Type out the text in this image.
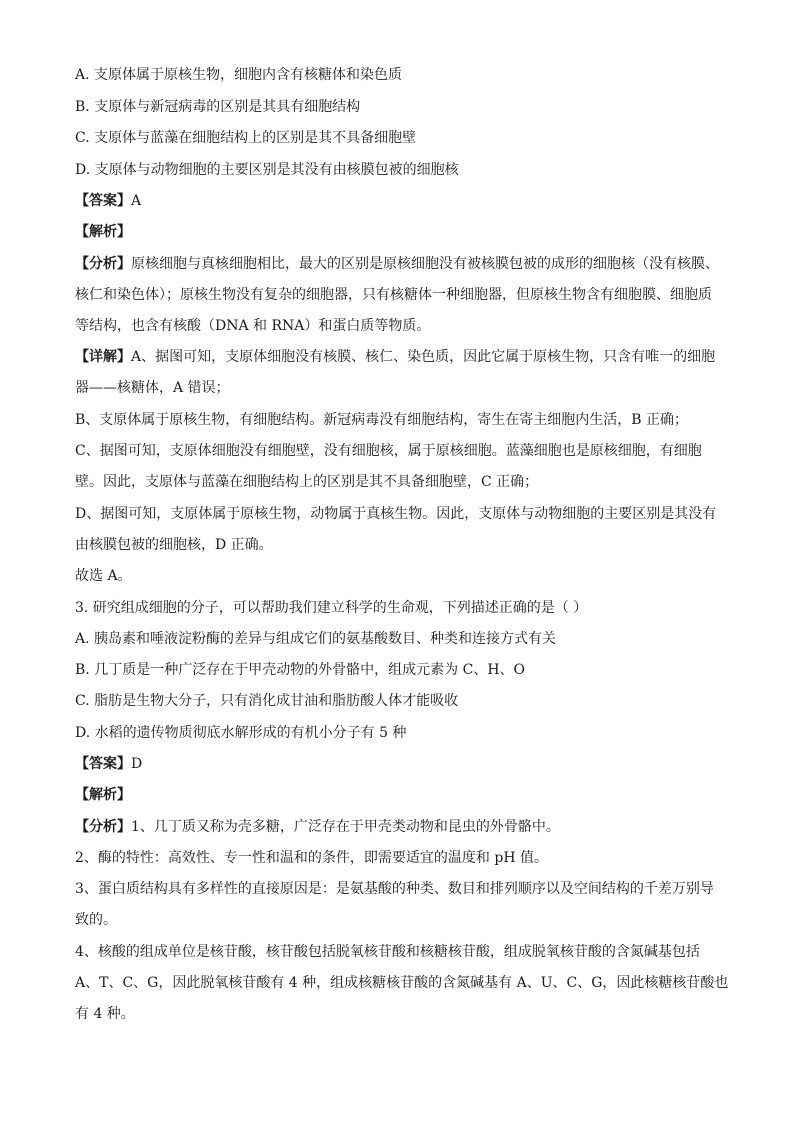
A. 支原体属于原核生物，细胞内含有核糖体和染色质
B. 支原体与新冠病毒的区别是其具有细胞结构
C. 支原体与蓝藻在细胞结构上的区别是其不具备细胞壁
D. 支原体与动物细胞的主要区别是其没有由核膜包被的细胞核
【答案】A
【解析】
【分析】原核细胞与真核细胞相比，最大的区别是原核细胞没有被核膜包被的成形的细胞核（没有核膜、
核仁和染色体）；原核生物没有复杂的细胞器，只有核糖体一种细胞器，但原核生物含有细胞膜、细胞质
等结构，也含有核酸（DNA 和 RNA）和蛋白质等物质。
【详解】A、据图可知，支原体细胞没有核膜、核仁、染色质，因此它属于原核生物，只含有唯一的细胞
器——核糖体，A 错误；
B、支原体属于原核生物，有细胞结构。新冠病毒没有细胞结构，寄生在寄主细胞内生活，B 正确；
C、据图可知，支原体细胞没有细胞壁，没有细胞核，属于原核细胞。蓝藻细胞也是原核细胞，有细胞
壁。因此，支原体与蓝藻在细胞结构上的区别是其不具备细胞壁，C 正确；
D、据图可知，支原体属于原核生物，动物属于真核生物。因此，支原体与动物细胞的主要区别是其没有
由核膜包被的细胞核，D 正确。
故选 A。
3. 研究组成细胞的分子，可以帮助我们建立科学的生命观，下列描述正确的是（ ）
A. 胰岛素和唾液淀粉酶的差异与组成它们的氨基酸数目、种类和连接方式有关
B. 几丁质是一种广泛存在于甲壳动物的外骨骼中，组成元素为 C、H、O
C. 脂肪是生物大分子，只有消化成甘油和脂肪酸人体才能吸收
D. 水稻的遗传物质彻底水解形成的有机小分子有 5 种
【答案】D
【解析】
【分析】1、几丁质又称为壳多糖，广泛存在于甲壳类动物和昆虫的外骨骼中。
2、酶的特性：高效性、专一性和温和的条件，即需要适宜的温度和 pH 值。
3、蛋白质结构具有多样性的直接原因是：是氨基酸的种类、数目和排列顺序以及空间结构的千差万别导
致的。
4、核酸的组成单位是核苷酸，核苷酸包括脱氧核苷酸和核糖核苷酸，组成脱氧核苷酸的含氮碱基包括
A、T、C、G，因此脱氧核苷酸有 4 种，组成核糖核苷酸的含氮碱基有 A、U、C、G，因此核糖核苷酸也
有 4 种。
